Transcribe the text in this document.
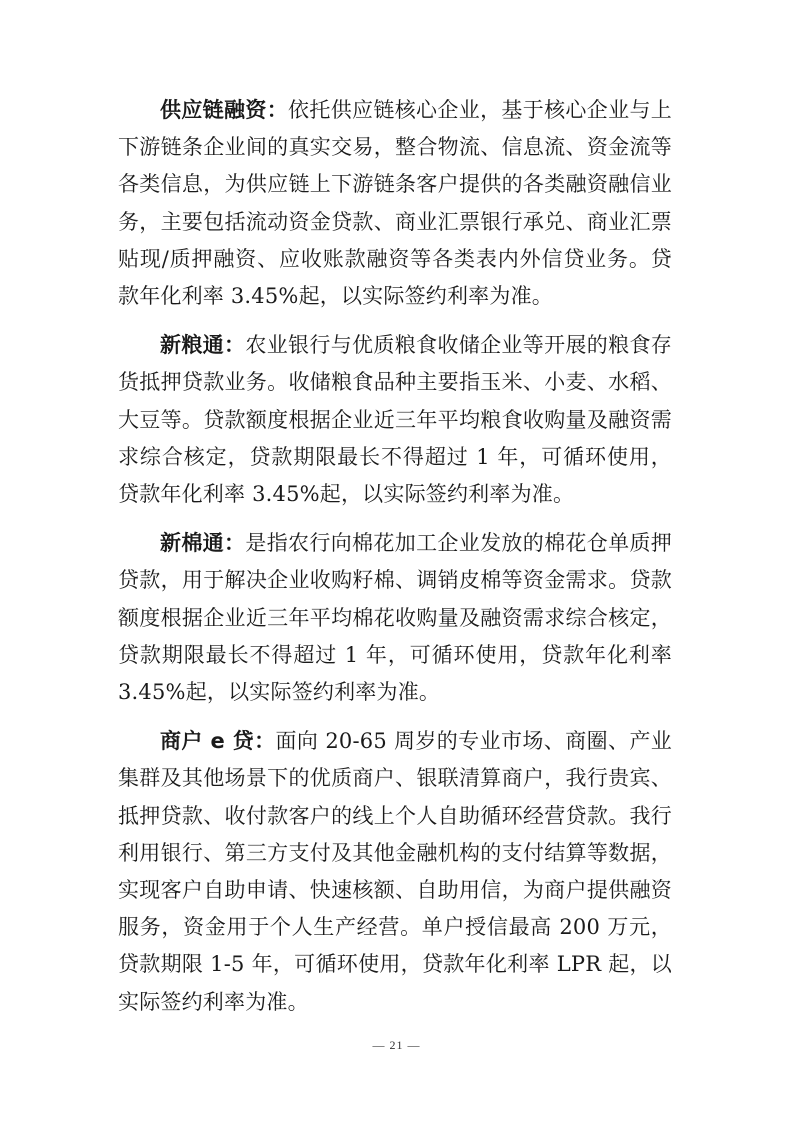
供应链融资：依托供应链核心企业，基于核心企业与上下游链条企业间的真实交易，整合物流、信息流、资金流等各类信息，为供应链上下游链条客户提供的各类融资融信业务，主要包括流动资金贷款、商业汇票银行承兑、商业汇票贴现/质押融资、应收账款融资等各类表内外信贷业务。贷款年化利率 3.45%起，以实际签约利率为准。

新粮通：农业银行与优质粮食收储企业等开展的粮食存货抵押贷款业务。收储粮食品种主要指玉米、小麦、水稻、大豆等。贷款额度根据企业近三年平均粮食收购量及融资需求综合核定，贷款期限最长不得超过 1 年，可循环使用，贷款年化利率 3.45%起，以实际签约利率为准。

新棉通：是指农行向棉花加工企业发放的棉花仓单质押贷款，用于解决企业收购籽棉、调销皮棉等资金需求。贷款额度根据企业近三年平均棉花收购量及融资需求综合核定，贷款期限最长不得超过 1 年，可循环使用，贷款年化利率 3.45%起，以实际签约利率为准。

商户 e 贷：面向 20-65 周岁的专业市场、商圈、产业集群及其他场景下的优质商户、银联清算商户，我行贵宾、抵押贷款、收付款客户的线上个人自助循环经营贷款。我行利用银行、第三方支付及其他金融机构的支付结算等数据，实现客户自助申请、快速核额、自助用信，为商户提供融资服务，资金用于个人生产经营。单户授信最高 200 万元，贷款期限 1-5 年，可循环使用，贷款年化利率 LPR 起，以实际签约利率为准。

— 21 —
